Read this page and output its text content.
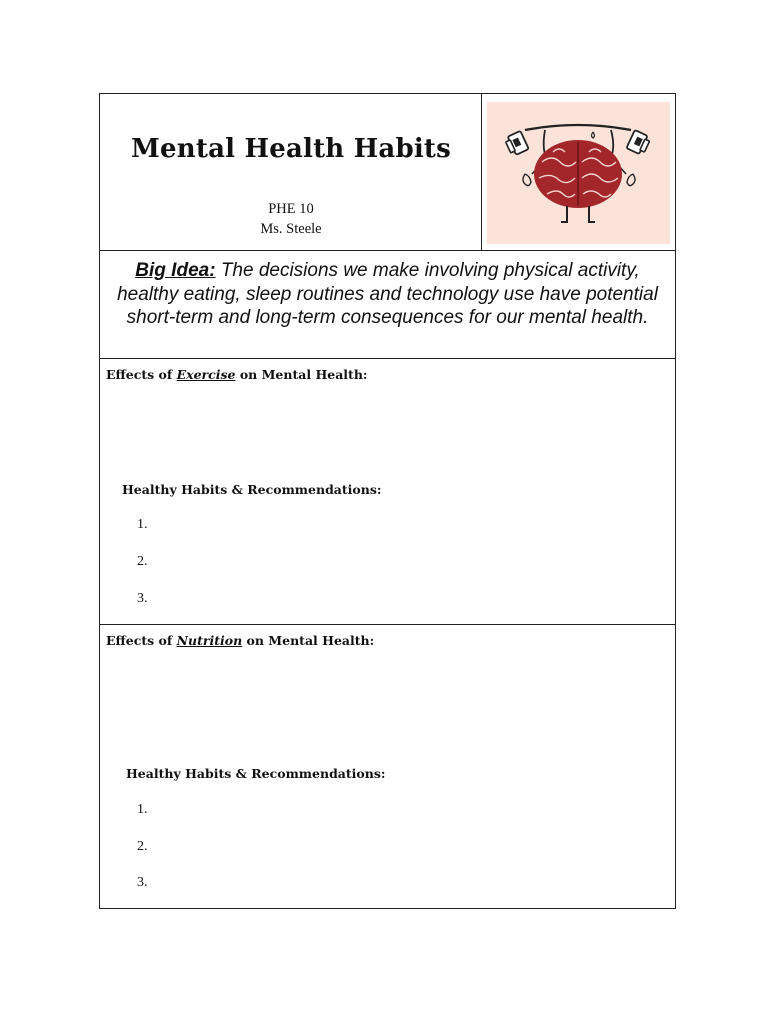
Mental Health Habits
PHE 10
Ms. Steele
Big Idea: The decisions we make involving physical activity, healthy eating, sleep routines and technology use have potential short-term and long-term consequences for our mental health.
Effects of Exercise on Mental Health:
Healthy Habits & Recommendations:
1.
2.
3.
Effects of Nutrition on Mental Health:
Healthy Habits & Recommendations:
1.
2.
3.
